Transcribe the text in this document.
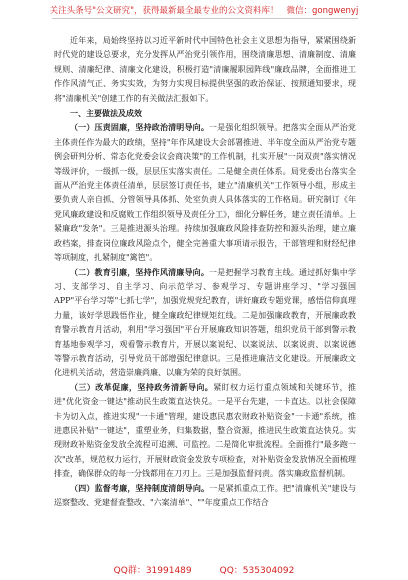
关注头条号"公文研究"，获得最新最全最专业的公文资料库！ 微信：gongwenyj

近年来，局始终坚持以习近平新时代中国特色社会主义思想为指导，紧紧围绕新时代党的建设总要求，充分发挥从严治党引领作用，围绕清廉思想、清廉制度、清廉规则、清廉纪律、清廉文化建设，积极打造"清廉履职园阵线"廉政品牌，全面推进工作作风清气正、务实实效，为努力实现目标提供坚强的政治保证、按照通知要求，现将"清廉机关"创建工作的有关做法汇报如下。

一、主要做法及成效

（一）压责固廉，坚持政治清明导向。一是强化组织领导。把落实全面从严治党主体责任作为最大的政绩，坚持"年作风建设大会部署推进、半年度全面从严治党专题例会研判分析、常态化党委会议会商决策"的工作机制，扎实开展"一岗双责"落实情况等级评价，一级抓一级，层层压实落实责任。二是健全责任体系。局党委出台落实全面从严治党主体责任清单，层层签订责任书，建立"清廉机关"工作领导小组，形成主要负责人亲自抓、分管领导具体抓、处室负责人具体落实的工作格局。研究制订《年党风廉政建设和反腐败工作组织领导及责任分工》，细化分解任务，建立责任清单。上紧廉政"发条"。三是推进源头治理。持续加强廉政风险排查防控和源头治理，建立廉政档案，排查岗位廉政风险点个，健全完善重大事项请示报告，干部管理和财经纪律等项制度，扎紧制度"篱笆"。

（二）教育引廉，坚持作风清廉导向。一是把握学习教育主线。通过抓好集中学习、支部学习、自主学习、向示范学习、参观学习、专题讲座学习、"学习强国APP"平台学习等"七抓七学"，加强党规党纪教育，讲好廉政专题党课，感悟信仰真理力量，该好学思践悟作业，健全廉政纪律规矩红线。二是加强廉政教育，开展廉政教育警示教育月活动，利用"学习强国"平台开展廉政知识答题，组织党员干部到警示教育基地参观学习，观看警示教育片，开展以案说纪、以案说法、以案说责、以案说德等警示教育活动，引导党员干部增强纪律意识。三是推进廉洁文化建设。开展廉政文化进机关活动，营造崇廉尚廉、以廉为荣的良好氛围。

（三）改革促廉，坚持政务清新导向。紧盯权力运行重点领域和关键环节，推进"优化资金一键达"推动民生政策直达快兑。一是平台先建，一卡直达。以社会保障卡为切入点，推进实现"一卡通"管理，建设惠民惠农财政补贴资金"一卡通"系统，推进惠民补贴"一键达"，重塑业务，归集数据，整合资源，推进民生政策直达快兑。实现财政补贴资金发放全流程可追溯、可监控。二是简化审批流程。全面推行"最多跑一次"改革，规范权力运行，开展财政资金发放专项检查，对补贴资金发放情况全面梳理排查，确保群众的每一分钱都用在刀刃上。三是加强监督问责。落实廉政监督机制。

（四）监督考廉，坚持制度清朗导向。一是紧抓重点工作。把"清廉机关"建设与巡察整改、党建督查整改、"六案清单"、""年度重点工作结合

QQ群：31991489	QQ：535304092
